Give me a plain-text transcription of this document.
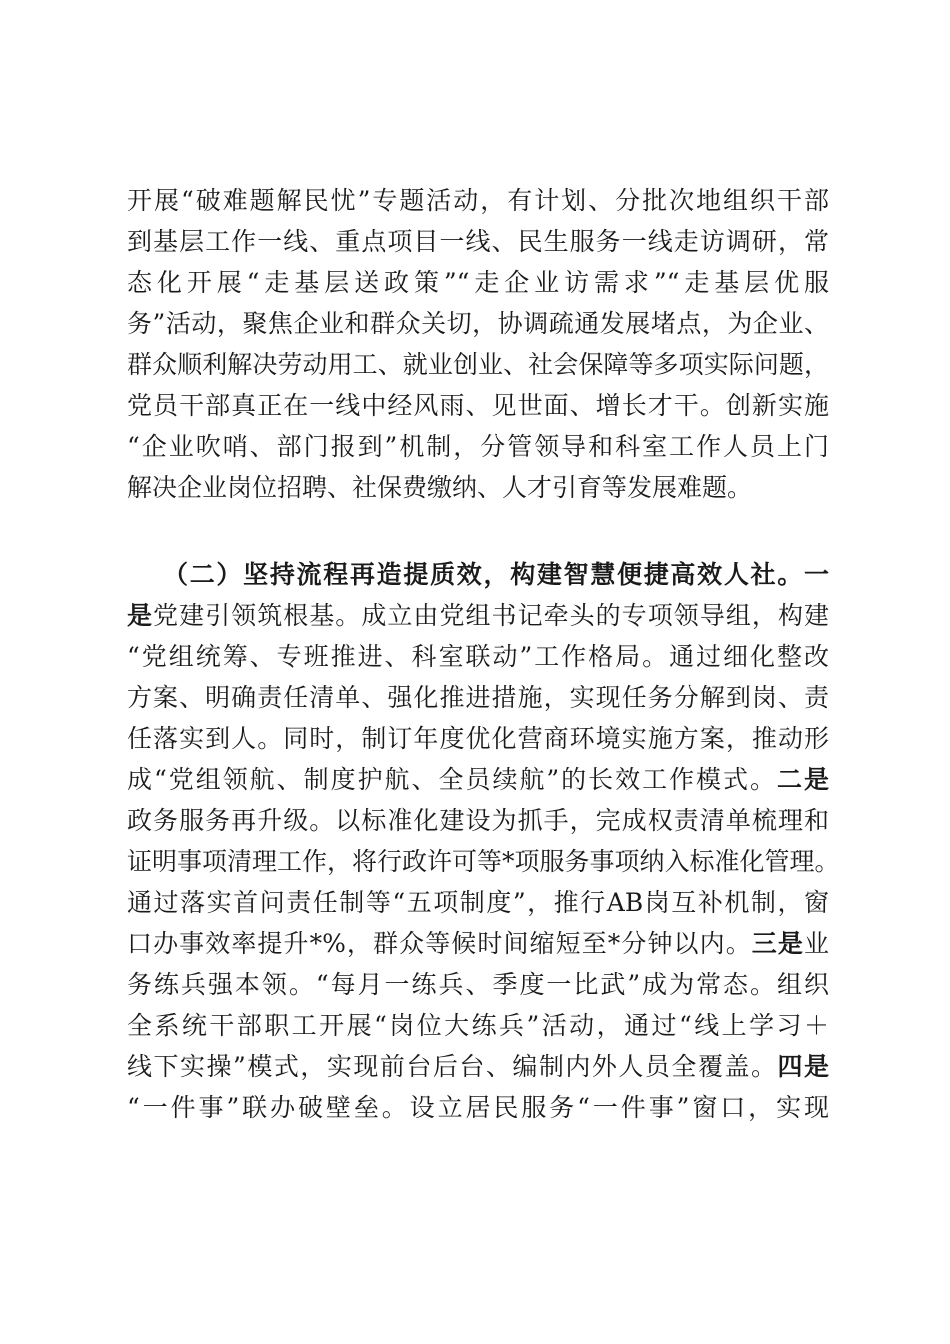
开展“破难题解民忧”专题活动，有计划、分批次地组织干部
到基层工作一线、重点项目一线、民生服务一线走访调研，常
态化开展“走基层送政策”“走企业访需求”“走基层优服
务”活动，聚焦企业和群众关切，协调疏通发展堵点，为企业、
群众顺利解决劳动用工、就业创业、社会保障等多项实际问题，
党员干部真正在一线中经风雨、见世面、增长才干。创新实施
“企业吹哨、部门报到”机制，分管领导和科室工作人员上门
解决企业岗位招聘、社保费缴纳、人才引育等发展难题。
（二）坚持流程再造提质效，构建智慧便捷高效人社。一
是党建引领筑根基。成立由党组书记牵头的专项领导组，构建
“党组统筹、专班推进、科室联动”工作格局。通过细化整改
方案、明确责任清单、强化推进措施，实现任务分解到岗、责
任落实到人。同时，制订年度优化营商环境实施方案，推动形
成“党组领航、制度护航、全员续航”的长效工作模式。二是
政务服务再升级。以标准化建设为抓手，完成权责清单梳理和
证明事项清理工作，将行政许可等*项服务事项纳入标准化管理。
通过落实首问责任制等“五项制度”，推行AB岗互补机制，窗
口办事效率提升*%，群众等候时间缩短至*分钟以内。三是业
务练兵强本领。“每月一练兵、季度一比武”成为常态。组织
全系统干部职工开展“岗位大练兵”活动，通过“线上学习＋
线下实操”模式，实现前台后台、编制内外人员全覆盖。四是
“一件事”联办破壁垒。设立居民服务“一件事”窗口，实现
